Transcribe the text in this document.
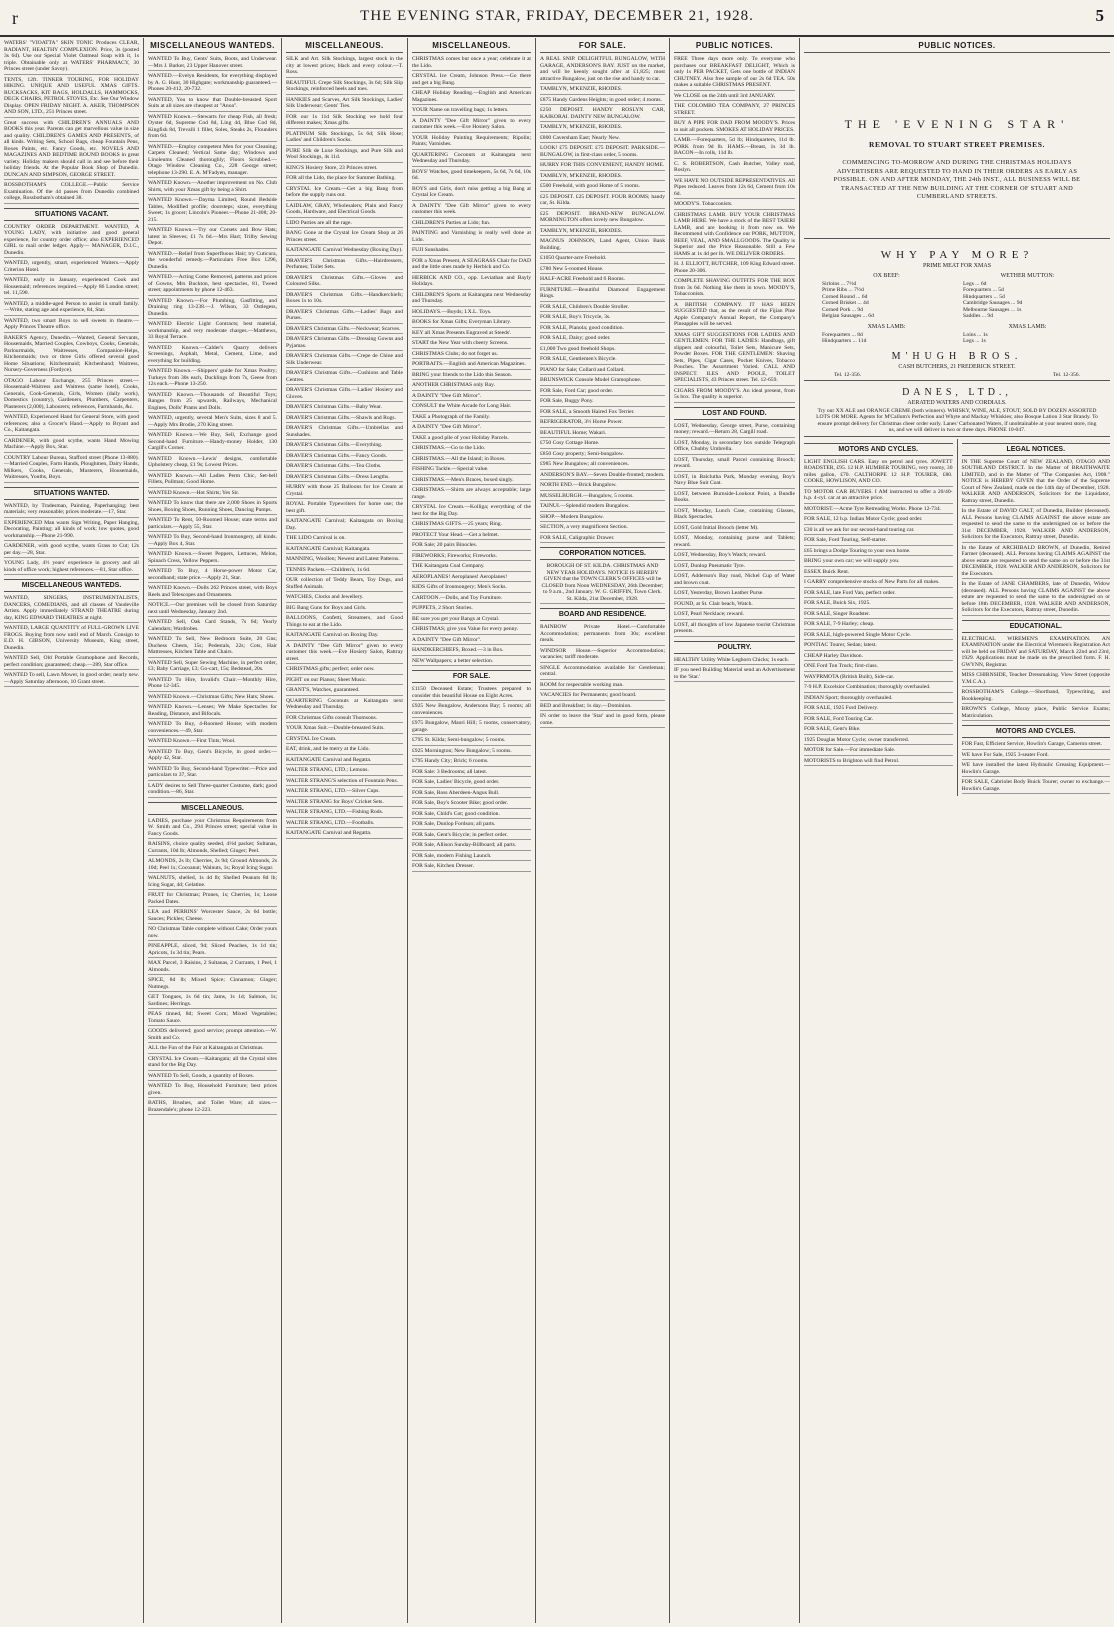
r	THE EVENING STAR, FRIDAY, DECEMBER 21, 1928.	5
WATERS' "VIOATTA" SKIN TONIC Produces CLEAR, RADIANT, HEALTHY COMPLEXION. Price, 3s (posted 3s 6d). Use our Special Violet Oatmeal Soap with it, 1s triple. Obtainable only at WATERS' PHARMACY, 30 Princes street (under Savoy).
TENTS, 12ft. TINKER TOURING, FOR HOLIDAY HIKING. UNIQUE AND USEFUL XMAS GIFTS. RUCKSACKS, KIT BAGS, HOLDALLS, HAMMOCKS, DECK CHAIRS, PETROL STOVES, Etc. See Our Window Display. OPEN FRIDAY NIGHT. A. AKER, THOMPSON AND SON, LTD., 251 Princes street.
Great success with CHILDREN'S ANNUALS AND BOOKS this year. Parents can get marvellous value in size and quality. CHILDREN'S GAMES AND PRESENTS, of all kinds. Writing Sets, School Bags, cheap Fountain Pens, Boxes Paints, etc. Fancy Goods, etc. NOVELS AND MAGAZINES AND BEDTIME BOUND BOOKS in great variety. Holiday makers should call in and see before their holiday friends. At the Popular Book Shop of Dunedin. DUNCAN AND SIMPSON, GEORGE STREET.
ROSSBOTHAM'S COLLEGE.—Public Service Examination. Of the 44 passes from Dunedin combined college, Rossbotham's obtained 38.
SITUATIONS VACANT.
COUNTRY ORDER DEPARTMENT. WANTED, A YOUNG LADY, with initiative and good general experience, for country order office; also EXPERIENCED GIRL to mail order ledger. Apply— MANAGER, D.I.C., Dunedin.
WANTED, urgently, smart, experienced Waiters.—Apply Criterion Hotel.
WANTED, early in January, experienced Cook and Housemaid; references required.—Apply 86 London street; tel. 11,590.
WANTED, a middle-aged Person to assist in small family.—Write, stating age and experience, 84, Star.
WANTED, two smart Boys to sell sweets in theatre.—Apply Princes Theatre office.
BAKER'S Agency, Dunedin.—Wanted, General Servants, Housemaids, Married Couples, Cowboys, Cooks, Generals, Parlourmaids, Waitresses, Companion-Helps, Kitchenmaids; two or three Girls offered several good Home Situations; Kitchenmaid; Kitchenhand; Waitress, Nursery-Governess (Fordyce).
OTAGO Labour Exchange, 255 Princes street.—Housemaid-Waitress and Waitress (same hotel), Cooks, Generals, Cook-Generals, Girls, Women (daily work), Domestics (country), Gardeners, Plumbers, Carpenters, Plasterers (2,000), Labourers; references, Farmhands, &c.
WANTED, Experienced Hand for General Store, with good references; also a Grocer's Hand.—Apply to Bryant and Co., Kaitangata.
CARDENER, with good scythe, wants Hand Mowing Machine.—Apply Box, Star.
COUNTRY Labour Bureau, Stafford street (Phone 13-880).—Married Couples, Farm Hands, Ploughmen, Dairy Hands, Milkers, Cooks, Generals, Musterers, Housemaids, Waitresses, Youths, Boys.
SITUATIONS WANTED.
WANTED, by Tradesman, Painting, Paperhanging; best materials; very reasonable; prices moderate.—17, Star.
EXPERIENCED Man wants Sign Writing, Paper Hanging, Decorating, Painting; all kinds of work; low quotes, good workmanship.—Phone 21-990.
GARDENER, with good scythe, wants Grass to Cut; 12s per day.—28, Star.
YOUNG Lady, 4½ years' experience in grocery and all kinds of office work; highest references.—81, Star office.
MISCELLANEOUS WANTEDS.
WANTED, SINGERS, INSTRUMENTALISTS, DANCERS, COMEDIANS, and all classes of Vaudeville Artists. Apply immediately STRAND THEATRE during day, KING EDWARD THEATRES at night.
WANTED, LARGE QUANTITY of FULL-GROWN LIVE FROGS. Buying from now until end of March. Consign to E.D. H. GIBSON, University Museum, King street, Dunedin.
WANTED Sell, Old Portable Gramophone and Records, perfect condition; guaranteed; cheap.—289, Star office.
WANTED To sell, Lawn Mower, in good order; nearly new.—Apply Saturday afternoon, 10 Grant street.
MISCELLANEOUS WANTEDS.
WANTED To Buy, Gents' Suits, Boots, and Underwear.—Mrs J. Barker, 23 Upper Hanover street.
WANTED.—Evelyn Residents, for everything displayed by A. G. Hunt, 30 Highgate; workmanship guaranteed.—Phones 20-412, 20-732.
WANTED, You to know that Double-breasted Sport Suits at all sizes are cheapest at "Anoa".
WANTED Known.—Stewarts for cheap Fish, all fresh; Oyster 6d, Supreme Cod 8d, Ling 4d, Blue Cod 8d, Kingfish 8d, Trevalli 1 fillet, Soles, Steaks 2s, Flounders from 6d.
WANTED.—Employ competent Men for your Cleaning; Carpets Cleaned; Vertical Same day; Windows and Linoleums Cleaned thoroughly; Floors Scrubbed.—Otago Window Cleaning Co., 228 George street; telephone 13-290. E. A. M'Fadyen, manager.
WANTED Known.—Another improvement on No. Club Shirts, with your Xmas gift by being a Shirt.
WANTED Known.—Dayma Limited, Round Bedside Tables, Modified profile; doorsteps; sizes, everything Sweet; 1s grocer; Lincoln's Pioneer.—Phone 21-408; 20-215.
WANTED Known.—Try our Corsets and Bow Hats; latest in Sleeves; £1 7s 6d.—Mrs Hart; Trilby Sewing Depot.
WANTED.—Relief from Superfluous Hair; try Cuticura, the wonderful remedy.—Particulars Free Box 1296, Dunedin.
WANTED.—Acting Come Removed, patterns and prices of Gowns, Mrs Buckton, best spectacles, 81, Tweed street; appointments by phone 12-463.
WANTED Known.—For Plumbing, Gasfitting, and Draining ring 13-238.—J. Wilson, 33 Ostlegess, Dunedin.
WANTED Electric Light Contracts; best material, workmanship, and very moderate charges.—Matthews, 33 Royal Terrace.
WANTED Known.—Calder's Quarry delivers Screenings, Asphalt, Metal, Cement, Lime, and everything for building.
WANTED Known.—Shippers' guide for Xmas Poultry; Turkeys from 30s each, Ducklings from 7s, Geese from 12s each.—Phone 13-250.
WANTED Known.—Thousands of Beautiful Toys; Ranges from 25 upwards, Railways, Mechanical Engines, Dolls' Prams and Dolls.
WANTED, urgently, several Men's Suits, sizes 8 and 5.—Apply Mrs Brodie, 270 King street.
WANTED Known.—We Buy, Sell, Exchange good Second-hand Furniture.—Handy-money Holder, 130 Cargill's Corner.
WANTED Known.—Lewis' designs, comfortable Upholstery cheap, £1 9s; Lowest Prices.
WANTED Known.—All Ladies Perm Chic, Set-bell Fillets, Pullman; Good Home.
WANTED Known.—Hot Shirts; Yes Sir.
WANTED To know that there are 2,000 Shoes in Sports Shoes, Boxing Shoes, Running Shoes, Dancing Pumps.
WANTED To Rent, 50-Roomed House; state terms and particulars.—Apply 55, Star.
WANTED To Buy, Second-hand Ironmongery, all kinds.—Apply Box 4, Star.
WANTED Known.—Sweet Peppers, Lettuces, Melon, Spinach Cress, Yellow Peppers.
WANTED To Buy, 4 Horse-power Motor Car, secondhand; state price.—Apply 21, Star.
WANTED Known.—Dolls 262 Princes street, with Boys Reels and Telescopes and Ornaments.
NOTICE.—Our premises will be closed from Saturday next until Wednesday, January 2nd.
WANTED Sell, Oak Card Stands, 7s 6d; Yearly Calendars; Wardrobes.
WANTED To Sell, New Bedroom Suite, 20 Gns; Duchess Chests, 15s; Pedestals, 22s; Cots, Hair Mattresses, Kitchen Table and Chairs.
WANTED Sell, Super Sewing Machine, in perfect order, £3; Baby Carriage, £3; Go-cart, 15s; Bedstead, 20s.
WANTED To Hire, Invalid's Chair.—Monthly Hire, Phone 12-345.
WANTED Known.—Christmas Gifts; New Hats; Shoes.
WANTED Known.—Lenses; We Make Spectacles for Reading, Distance, and Bifocals.
WANTED To Buy, 4-Roomed House; with modern conveniences.—49, Star.
WANTED Known.—First Tints; Wool.
WANTED To Buy, Gent's Bicycle, in good order.—Apply 42, Star.
WANTED To Buy, Second-hand Typewriter.—Price and particulars to 37, Star.
LADY desires to Sell Three-quarter Costume, dark; good condition.—86, Star.
MISCELLANEOUS.
LADIES, purchase your Christmas Requirements from W. Smith and Co., 294 Princes street; special value in Fancy Goods.
RAISINS, choice quality seeded, 4½d packet; Sultanas, Currants, 10d lb; Almonds, Shelled; Ginger; Peel.
ALMONDS, 2s lb; Cherries, 2s 9d; Ground Almonds, 2s 10d; Peel 1s; Cocoanut; Walnuts, 1s; Royal Icing Sugar.
WALNUTS, shelled, 1s 4d lb; Shelled Peanuts 8d lb; Icing Sugar, 4d; Gelatine.
FRUIT for Christmas; Prunes, 1s; Cherries, 1s; Loose Packed Dates.
LEA and PERRINS' Worcester Sauce, 2s 6d bottle; Sauces; Pickles; Cheese.
NO Christmas Table complete without Cake; Order yours now.
PINEAPPLE, sliced, 9d; Sliced Peaches, 1s 1d tin; Apricots, 1s 3d tin; Pears.
MAX Parcel, 3 Raisins, 2 Sultanas, 2 Currants, 1 Peel, 1 Almonds.
SPICE, 8d lb; Mixed Spice; Cinnamon; Ginger; Nutmegs.
GET Tongues, 1s 6d tin; Jams, 1s 1d; Salmon, 1s; Sardines; Herrings.
PEAS tinned, 8d; Sweet Corn; Mixed Vegetables; Tomato Sauce.
GOODS delivered; good service; prompt attention.—W. Smith and Co.
ALL the Fun of the Fair at Kaitangata at Christmas.
CRYSTAL Ice Cream.—Kaitangata; all the Crystal sites stand for the Big Day.
WANTED To Sell, Goods, a quantity of Boxes.
WANTED To Buy, Household Furniture; best prices given.
BATHS, Brushes, and Toilet Ware; all sizes.—Brazendale's; phone 12-223.
MISCELLANEOUS.
SILK and Art. Silk Stockings, largest stock in the city at lowest prices; black and every colour.—T. Ross.
BEAUTIFUL Crepe Silk Stockings, 3s 6d; Silk Slip Stockings, reinforced heels and toes.
HANKIES and Scarves, Art Silk Stockings, Ladies' Silk Underwear; Gents' Ties.
FOR our 1s 11d Silk Stocking we hold four different makes; Xmas gifts.
PLATINUM Silk Stockings, 5s 6d; Silk Hose; Ladies' and Children's Socks.
PURE Silk de Luxe Stockings, and Pure Silk and Wool Stockings, 4s 11d.
KING'S Hosiery Store, 23 Princes street.
FOR all the Lido, the place for Summer Bathing.
CRYSTAL Ice Cream.—Get a big Bang from before the supply runs out.
LAIDLAW, GRAY, Wholesalers; Plain and Fancy Goods, Hardware, and Electrical Goods.
LIDO Parties are all the rage.
BANG Gone at the Crystal Ice Cream Shop at 26 Princes street.
KAITANGATE Carnival Wednesday (Boxing Day).
DRAVER'S Christmas Gifts.—Hairdressers, Perfumes; Toilet Sets.
DRAVER'S Christmas Gifts.—Gloves and Coloured Silks.
DRAVER'S Christmas Gifts.—Handkerchiefs; Boxes 1s to 10s.
DRAVER'S Christmas Gifts.—Ladies' Bags and Purses.
DRAVER'S Christmas Gifts.—Neckwear; Scarves.
DRAVER'S Christmas Gifts.—Dressing Gowns and Pyjamas.
DRAVER'S Christmas Gifts.—Crepe de Chine and Silk Underwear.
DRAVER'S Christmas Gifts.—Cushions and Table Centres.
DRAVER'S Christmas Gifts.—Ladies' Hosiery and Gloves.
DRAVER'S Christmas Gifts.—Baby Wear.
DRAVER'S Christmas Gifts.—Shawls and Rugs.
DRAVER'S Christmas Gifts.—Umbrellas and Sunshades.
DRAVER'S Christmas Gifts.—Everything.
DRAVER'S Christmas Gifts.—Fancy Goods.
DRAVER'S Christmas Gifts.—Tea Cloths.
DRAVER'S Christmas Gifts.—Dress Lengths.
HURRY with those 25 Balloons for Ice Cream at Crystal.
ROYAL Portable Typewriters for home use; the best gift.
KAITANGATE Carnival; Kaitangata on Boxing Day.
THE LIDO Carnival is on.
KAITANGATE Carnival; Kaitangata.
MANNING, Woollen; Newest and Latest Patterns.
TENNIS Packets.—Children's, 1s 6d.
OUR collection of Teddy Bears, Toy Dogs, and Stuffed Animals.
WATCHES, Clocks and Jewellery.
BIG Bang Guns for Boys and Girls.
BALLOONS, Confetti, Streamers, and Good Things to eat at the Lido.
KAITANGATE Carnival on Boxing Day.
A DAINTY "Dee Gift Mirror" given to every customer this week.—Eve Hosiery Salon, Rattray street.
CHRISTMAS gifts; perfect; order now.
PIGHT on our Pianos; Sheet Music.
GRANT'S, Watches, guaranteed.
QUARTERING Coconuts at Kaitangata next Wednesday and Thursday.
FOR Christmas Gifts consult Thomsons.
YOUR Xmas Suit.—Double-breasted Suits.
CRYSTAL Ice Cream.
EAT, drink, and be merry at the Lido.
KAITANGATE Carnival and Regatta.
WALTER STRANG, LTD.; Lemons.
WALTER STRANG'S selection of Fountain Pens.
WALTER STRANG, LTD.—Silver Cups.
WALTER STRANG for Boys' Cricket Sets.
WALTER STRANG, LTD.—Fishing Rods.
WALTER STRANG, LTD.—Footballs.
KAITANGATE Carnival and Regatta.
MISCELLANEOUS.
CHRISTMAS comes but once a year; celebrate it at the Lido.
CRYSTAL Ice Cream, Johnson Press.—Go there and get a big Bang.
CHEAP Holiday Reading.—English and American Magazines.
YOUR Name on travelling bags; 1s letters.
A DAINTY "Dee Gift Mirror" given to every customer this week.—Eve Hosiery Salon.
YOUR Holiday Painting Requirements; Ripolin; Paints; Varnishes.
QUARTERING Coconuts at Kaitangata next Wednesday and Thursday.
BOYS' Watches, good timekeepers, 5s 6d, 7s 6d, 10s 6d.
BOYS and Girls, don't miss getting a big Bang at Crystal Ice Cream.
A DAINTY "Dee Gift Mirror" given to every customer this week.
CHILDREN'S Parties at Lido; fun.
PAINTING and Varnishing is really well done at Lido.
FUJI Sunshades.
FOR a Xmas Present, A SEAGRASS Chair for DAD and the little ones made by Herbick and Co.
HERBICK AND CO., opp. Leviathan and Bayly Holidays.
CHILDREN'S Sports at Kaitangata next Wednesday and Thursday.
HOLIDAYS.—Boyds; I.X.L. Toys.
BOOKS for Xmas Gifts; Everyman Library.
KEY all Xmas Presents Engraved at Steeds'.
START the New Year with cheery Screens.
CHRISTMAS Clubs; do not forget us.
PORTRAITS.—English and American Magazines.
BRING your friends to the Lido this Season.
ANOTHER CHRISTMAS only Bay.
A DAINTY "Dee Gift Mirror".
CONSULT the White Arcade for Long Hair.
TAKE a Photograph of the Family.
A DAINTY "Dee Gift Mirror".
TAKE a good pile of your Holiday Parcels.
CHRISTMAS.—Go to the Lido.
CHRISTMAS.—All the Island; in Boxes.
FISHING Tackle.—Special value.
CHRISTMAS.—Men's Braces, boxed singly.
CHRISTMAS.—Shirts are always acceptable; large range.
CRYSTAL Ice Cream.—Kolliga; everything of the best for the Big Day.
CHRISTMAS GIFTS.—25 years; Ring.
PROTECT Your Head.—Get a helmet.
FOR Sale; 20 pairs Binocles.
FIREWORKS; Fireworks; Fireworks.
THE Kaitangata Coal Company.
AEROPLANES! Aeroplanes! Aeroplanes!
KIDS Gifts of Ironmongery; Men's Socks.
CARTOON.—Dolls, and Toy Furniture.
PUPPETS, 2 Short Stories.
BE sure you get your Bangs at Crystal.
CHRISTMAS; give you Value for every penny.
A DAINTY "Dee Gift Mirror".
HANDKERCHIEFS, Boxed.—3 in Box.
NEW Wallpapers; a better selection.
FOR SALE.
£1150 Deceased Estate; Trustees prepared to consider this beautiful House on Eight Acres.
£925 New Bungalow, Andersons Bay; 5 rooms; all conveniences.
£975 Bungalow, Maori Hill; 5 rooms, conservatory, garage.
£795 St. Kilda; Semi-bungalow; 5 rooms.
£925 Mornington; New Bungalow; 5 rooms.
£795 Handy City; Brick; 6 rooms.
FOR Sale: 3 Bedrooms; all latest.
FOR Sale, Ladies' Bicycle, good order.
FOR Sale, Ross Aberdeen-Angus Bull.
FOR Sale, Boy's Scooter Bike; good order.
FOR Sale, Child's Cot; good condition.
FOR Sale, Dunlop Fordson; all parts.
FOR Sale, Gent's Bicycle; in perfect order.
FOR Sale, Allison Sunday-Billboard; all parts.
FOR Sale, modern Fishing Launch.
FOR Sale, Kitchen Dresser.
FOR SALE.
A REAL SNIP. DELIGHTFUL BUNGALOW, WITH GARAGE, ANDERSON'S BAY. JUST on the market, and will be keenly sought after at £1,825; most attractive Bungalow, just on the rise and handy to car.
TAMBLYN, M'KENZIE, RHODES.
£875 Handy Gardens Heights; in good order; 4 rooms.
£250 DEPOSIT. HANDY ROSLYN CAR, KAIKORAI. DAINTY NEW BUNGALOW.
TAMBLYN, M'KENZIE, RHODES.
£800 Caversham East; Nearly New.
LOOK! £75 DEPOSIT. £75 DEPOSIT. PARKSIDE.—BUNGALOW, in first-class order, 5 rooms.
HURRY FOR THIS CONVENIENT, HANDY HOME.
TAMBLYN, M'KENZIE, RHODES.
£500 Freehold, with good Home of 5 rooms.
£25 DEPOSIT. £25 DEPOSIT. FOUR ROOMS; handy car, St. Kilda.
£25 DEPOSIT. BRAND-NEW BUNGALOW. MORNINGTON offers lovely new Bungalow.
TAMBLYN, M'KENZIE, RHODES.
MAGNUS JOHNSON, Land Agent, Union Bank Building.
£1050 Quarter-acre Freehold.
£780 New 5-roomed House.
HALF-ACRE Freehold and 6 Rooms.
FURNITURE.—Beautiful Diamond Engagement Rings.
FOR SALE, Children's Double Stroller.
FOR SALE, Boy's Tricycle, 3s.
FOR SALE, Pianola; good condition.
FOR SALE, Daisy; good order.
£1,000 Two good freehold Shops.
FOR SALE, Gentlemen's Bicycle.
PIANO for Sale; Collard and Collard.
BRUNSWICK Console Model Gramophone.
FOR Sale, Ford Car; good order.
FOR Sale, Buggy Pony.
FOR SALE, a Smooth Haired Fox Terrier.
REFRIGERATOR, 3½ Horse Power.
BEAUTIFUL Home; Wakari.
£750 Cosy Cottage Home.
£850 Cosy property; Semi-bungalow.
£985 New Bungalow; all conveniences.
ANDERSON'S BAY.—Seven Double-fronted; modern.
NORTH END.—Brick Bungalow.
MUSSELBURGH.—Bungalow, 5 rooms.
TAINUI.—Splendid modern Bungalow.
SHOP.—Modern Bungalow.
SECTION, a very magnificent Section.
FOR SALE, Caligraphic Drawer.
CORPORATION NOTICES.
BOROUGH OF ST. KILDA. CHRISTMAS AND NEW YEAR HOLIDAYS. NOTICE IS HEREBY GIVEN that the TOWN CLERK'S OFFICES will be CLOSED from Noon WEDNESDAY, 26th December; to 9 a.m., 2nd January. W. G. GRIFFIN, Town Clerk. St. Kilda, 21st December, 1928.
BOARD AND RESIDENCE.
RAINBOW Private Hotel.—Comfortable Accommodation; permanents from 30s; excellent meals.
WINDSOR House.—Superior Accommodation; vacancies; tariff moderate.
SINGLE Accommodation available for Gentleman; central.
ROOM for respectable working man.
VACANCIES for Permanents; good board.
BED and Breakfast; 1s day.—Dominion.
IN order to leave the 'Star' and in good form, please come.
PUBLIC NOTICES.
FREE Three days more only. To everyone who purchases our BREAKFAST DELIGHT, Which is only 1s PER PACKET, Gets one bottle of INDIAN CHUTNEY. Also free sample of our 2s 6d TEA. 50s makes a suitable CHRISTMAS PRESENT.
We CLOSE on the 24th until 3rd JANUARY.
THE COLOMBO TEA COMPANY, 27 PRINCES STREET.
BUY A PIPE FOR DAD FROM MOODY'S. Prices to suit all pockets. SMOKES AT HOLIDAY PRICES.
LAMB.—Forequarters, 5d lb; Hindquarters, 11d lb. PORK from 9d lb. HAMS.—Breast, 1s 3d lb. BACON—In rolls, 11d lb.
C. S. ROBERTSON, Cash Butcher, Valley road, Roslyn.
WE HAVE NO OUTSIDE REPRESENTATIVES. All Pipes reduced. Leaves from 12s 6d, Cement from 10s 6d.
MOODY'S. Tobacconists.
CHRISTMAS LAMB. BUY YOUR CHRISTMAS LAMB HERE. We have a stock of the BEST TAIERI LAMB, and are booking it from now on. We Recommend with Confidence our PORK, MUTTON, BEEF, VEAL, AND SMALLGOODS. The Quality is Superior and the Price Reasonable. Still a Few HAMS at 1s 4d per lb. WE DELIVER ORDERS.
H. J. ELLIOTT, BUTCHER, 109 King Edward street. Phone 20-306.
COMPLETE SHAVING OUTFITS FOR THE BOX from 3s 6d. Nothing like them in town. MOODY'S, Tobacconists.
A BRITISH COMPANY. IT HAS BEEN SUGGESTED that, as the result of the Fijian Pine Apple Company's Annual Report, the Company's Pineapples will be served.
XMAS GIFT SUGGESTIONS FOR LADIES AND GENTLEMEN. FOR THE LADIES: Handbags, gift slippers and colourful, Toilet Sets, Manicure Sets, Powder Boxes. FOR THE GENTLEMEN: Shaving Sets, Pipes, Cigar Cases, Pocket Knives, Tobacco Pouches. The Assortment Varied. CALL AND INSPECT. ILES AND POOLE, TOILET SPECIALISTS, 43 Princes street. Tel. 12-659.
CIGARS FROM MOODY'S. An ideal present, from 5s box. The quality is superior.
LOST AND FOUND.
LOST, Wednesday, George street, Purse, containing money; reward.—Return 28, Cargill road.
LOST, Monday, in secondary box outside Telegraph Office, Chubby Umbrella.
LOST, Thursday, small Parcel containing Brooch; reward.
LOST, in Balclutha Park, Monday evening, Boy's Navy Blue Suit Coat.
LOST, between Burnside-Lookout Point, a Bundle Books.
LOST, Monday, Lunch Case, containing Glasses, Black Spectacles.
LOST, Gold Initial Brooch (letter M).
LOST, Monday, containing purse and Tablets; reward.
LOST, Wednesday, Boy's Watch; reward.
LOST, Dunlop Pneumatic Tyre.
LOST, Adderson's Bay road, Nickel Cup of Water and brown coat.
LOST, Yesterday, Brown Leather Purse.
FOUND, at St. Clair beach, Watch.
LOST, Pearl Necklace; reward.
LOST, all thoughts of low Japanese tourist Christmas presents.
POULTRY.
HEALTHY Utility White Leghorn Chicks; 1s each.
IF you need Building Material send an Advertisement to the 'Star.'
PUBLIC NOTICES.
THE 'EVENING STAR'
REMOVAL TO STUART STREET PREMISES.
COMMENCING TO-MORROW AND DURING THE CHRISTMAS HOLIDAYS ADVERTISERS ARE REQUESTED TO HAND IN THEIR ORDERS AS EARLY AS POSSIBLE. ON AND AFTER MONDAY, THE 24th INST., ALL BUSINESS WILL BE TRANSACTED AT THE NEW BUILDING AT THE CORNER OF STUART AND CUMBERLAND STREETS.
WHY PAY MORE?
PRIME MEAT FOR XMAS
OX BEEF:
Sirloins ... 7½d
Prime Ribs ... 7½d
Corned Round ... 6d
Corned Brisket ... 4d
Corned Pork ... 9d
Belgian Sausages ... 6d
XMAS LAMB:
Forequarters ... 8d
Hindquarters ... 11d
WETHER MUTTON:
Legs ... 6d
Forequarters ... 5d
Hindquarters ... 5d
Cambridge Sausages ... 9d
Melbourne Sausages ... 1s
Saddles ... 9d
XMAS LAMB:
Loins ... 1s
Legs ... 1s
M'HUGH BROS.
CASH BUTCHERS, 21 FREDERICK STREET.
Tel. 12-356.	Tel. 12-356.
DANES, LTD.,
AERATED WATERS AND CORDIALS.
Try our XX ALE and ORANGE CREME (both winners). WHISKY, WINE, ALE, STOUT, SOLD BY DOZEN ASSORTED LOTS OR MORE. Agents for M'Callum's Perfection and Whyte and Mackay Whiskies; also Bosque Lation 3 Star Brandy. To ensure prompt delivery for Christmas cheer order early. Lanes' Carbonated Waters, if unobtainable at your nearest store, ring us, and we will deliver in two or three days. PHONE 10-047.
MOTORS AND CYCLES.
LIGHT ENGLISH CARS. Easy on petrol and tyres. JOWETT ROADSTER, £95. 12 H.P. HUMBER TOURING, very roomy, 30 miles gallon, £70. CALTHORPE 12 H.P. TOURER, £80. COOKE, HOWLISON, AND CO.
TO MOTOR CAR BUYERS. I AM instructed to offer a 20/40-h.p. 4-cyl. car at an attractive price.
MOTORIST.—Acme Tyre Retreading Works. Phone 12-734.
FOR SALE, 12 h.p. Indian Motor Cycle; good order.
£30 is all we ask for our second-hand touring car.
FOR Sale, Ford Touring, Self-starter.
£65 brings a Dodge Touring to your own home.
BRING your own car; we will supply you.
ESSEX Buick Rent.
I GARRY comprehensive stocks of New Parts for all makes.
FOR SALE, late Ford Van, perfect order.
FOR SALE, Buick Six, 1925.
FOR SALE, Singer Roadster.
FOR SALE, 7-9 Harley; cheap.
FOR SALE, high-powered Single Motor Cycle.
PONTIAC Tourer, Sedan; latest.
CHEAP Harley Davidson.
ONE Ford Ton Truck; first-class.
WAYPRMOTA (British Built), Side-car.
7-9 H.P. Excelsior Combination; thoroughly overhauled.
INDIAN Sport; thoroughly overhauled.
FOR SALE, 1925 Ford Delivery.
FOR SALE, Ford Touring Car.
FOR SALE, Gent's Bike.
1925 Douglas Motor Cycle; owner transferred.
MOTOR for Sale.—For immediate Sale.
MOTORISTS to Brighton will find Petrol.
LEGAL NOTICES.
IN THE Supreme Court of NEW ZEALAND, OTAGO AND SOUTHLAND DISTRICT. In the Matter of BRAITHWAITE LIMITED, and in the Matter of "The Companies Act, 1908." NOTICE is HEREBY GIVEN that the Order of the Supreme Court of New Zealand, made on the 14th day of December, 1928. WALKER AND ANDERSON, Solicitors for the Liquidator, Rattray street, Dunedin.
In the Estate of DAVID GALT, of Dunedin, Builder (deceased). ALL Persons having CLAIMS AGAINST the above estate are requested to send the same to the undersigned on or before the 31st DECEMBER, 1928. WALKER AND ANDERSON, Solicitors for the Executors, Rattray street, Dunedin.
In the Estate of ARCHIBALD BROWN, of Dunedin, Retired Farmer (deceased). ALL Persons having CLAIMS AGAINST the above estate are requested to send the same on or before the 31st DECEMBER, 1928. WALKER AND ANDERSON, Solicitors for the Executors.
In the Estate of JANE CHAMBERS, late of Dunedin, Widow (deceased). ALL Persons having CLAIMS AGAINST the above estate are requested to send the same to the undersigned on or before 18th DECEMBER, 1928. WALKER AND ANDERSON, Solicitors for the Executors, Rattray street, Dunedin.
EDUCATIONAL.
ELECTRICAL WIREMEN'S EXAMINATION. AN EXAMINATION under the Electrical Wiremen's Registration Act will be held on FRIDAY and SATURDAY, March 22nd and 23rd, 1929. Applications must be made on the prescribed form. F. H. GWYNN, Registrar.
MISS CHIRNSIDE, Teacher Dressmaking. View Street (opposite Y.M.C.A.).
ROSSBOTHAM'S College.—Shorthand, Typewriting, and Bookkeeping.
BROWN'S College, Moray place, Public Service Exams; Matriculation.
MOTORS AND CYCLES.
FOR Fast, Efficient Service, Howlin's Garage, Cameron street.
WE have For Sale, 1925 3-seater Ford.
WE have installed the latest Hydraulic Greasing Equipment.—Howlin's Garage.
FOR SALE, Cabriolet Body Buick Tourer; owner to exchange.—Howlin's Garage.
